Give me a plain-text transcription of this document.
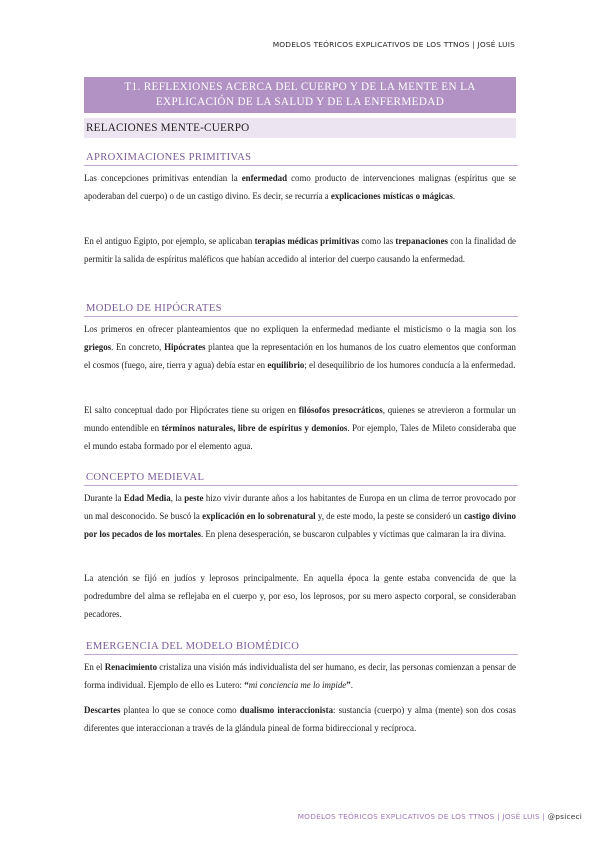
MODELOS TEÓRICOS EXPLICATIVOS DE LOS TTNOS | JOSÉ LUIS
T1. REFLEXIONES ACERCA DEL CUERPO Y DE LA MENTE EN LA
EXPLICACIÓN DE LA SALUD Y DE LA ENFERMEDAD
RELACIONES MENTE-CUERPO
APROXIMACIONES PRIMITIVAS

Las concepciones primitivas entendían la enfermedad como producto de intervenciones malignas (espíritus que se apoderaban del cuerpo) o de un castigo divino. Es decir, se recurría a explicaciones místicas o mágicas.

En el antiguo Egipto, por ejemplo, se aplicaban terapias médicas primitivas como las trepanaciones con la finalidad de permitir la salida de espíritus maléficos que habían accedido al interior del cuerpo causando la enfermedad.

MODELO DE HIPÓCRATES

Los primeros en ofrecer planteamientos que no expliquen la enfermedad mediante el misticismo o la magia son los griegos. En concreto, Hipócrates plantea que la representación en los humanos de los cuatro elementos que conforman el cosmos (fuego, aire, tierra y agua) debía estar en equilibrio; el desequilibrio de los humores conducía a la enfermedad.

El salto conceptual dado por Hipócrates tiene su origen en filósofos presocráticos, quienes se atrevieron a formular un mundo entendible en términos naturales, libre de espíritus y demonios. Por ejemplo, Tales de Mileto consideraba que el mundo estaba formado por el elemento agua.

CONCEPTO MEDIEVAL

Durante la Edad Media, la peste hizo vivir durante años a los habitantes de Europa en un clima de terror provocado por un mal desconocido. Se buscó la explicación en lo sobrenatural y, de este modo, la peste se consideró un castigo divino por los pecados de los mortales. En plena desesperación, se buscaron culpables y víctimas que calmaran la ira divina.

La atención se fijó en judíos y leprosos principalmente. En aquella época la gente estaba convencida de que la podredumbre del alma se reflejaba en el cuerpo y, por eso, los leprosos, por su mero aspecto corporal, se consideraban pecadores.

EMERGENCIA DEL MODELO BIOMÉDICO

En el Renacimiento cristaliza una visión más individualista del ser humano, es decir, las personas comienzan a pensar de forma individual. Ejemplo de ello es Lutero: “mi conciencia me lo impide”.

Descartes plantea lo que se conoce como dualismo interaccionista: sustancia (cuerpo) y alma (mente) son dos cosas diferentes que interaccionan a través de la glándula pineal de forma bidireccional y recíproca.

MODELOS TEÓRICOS EXPLICATIVOS DE LOS TTNOS | JOSÉ LUIS | @psiceci
